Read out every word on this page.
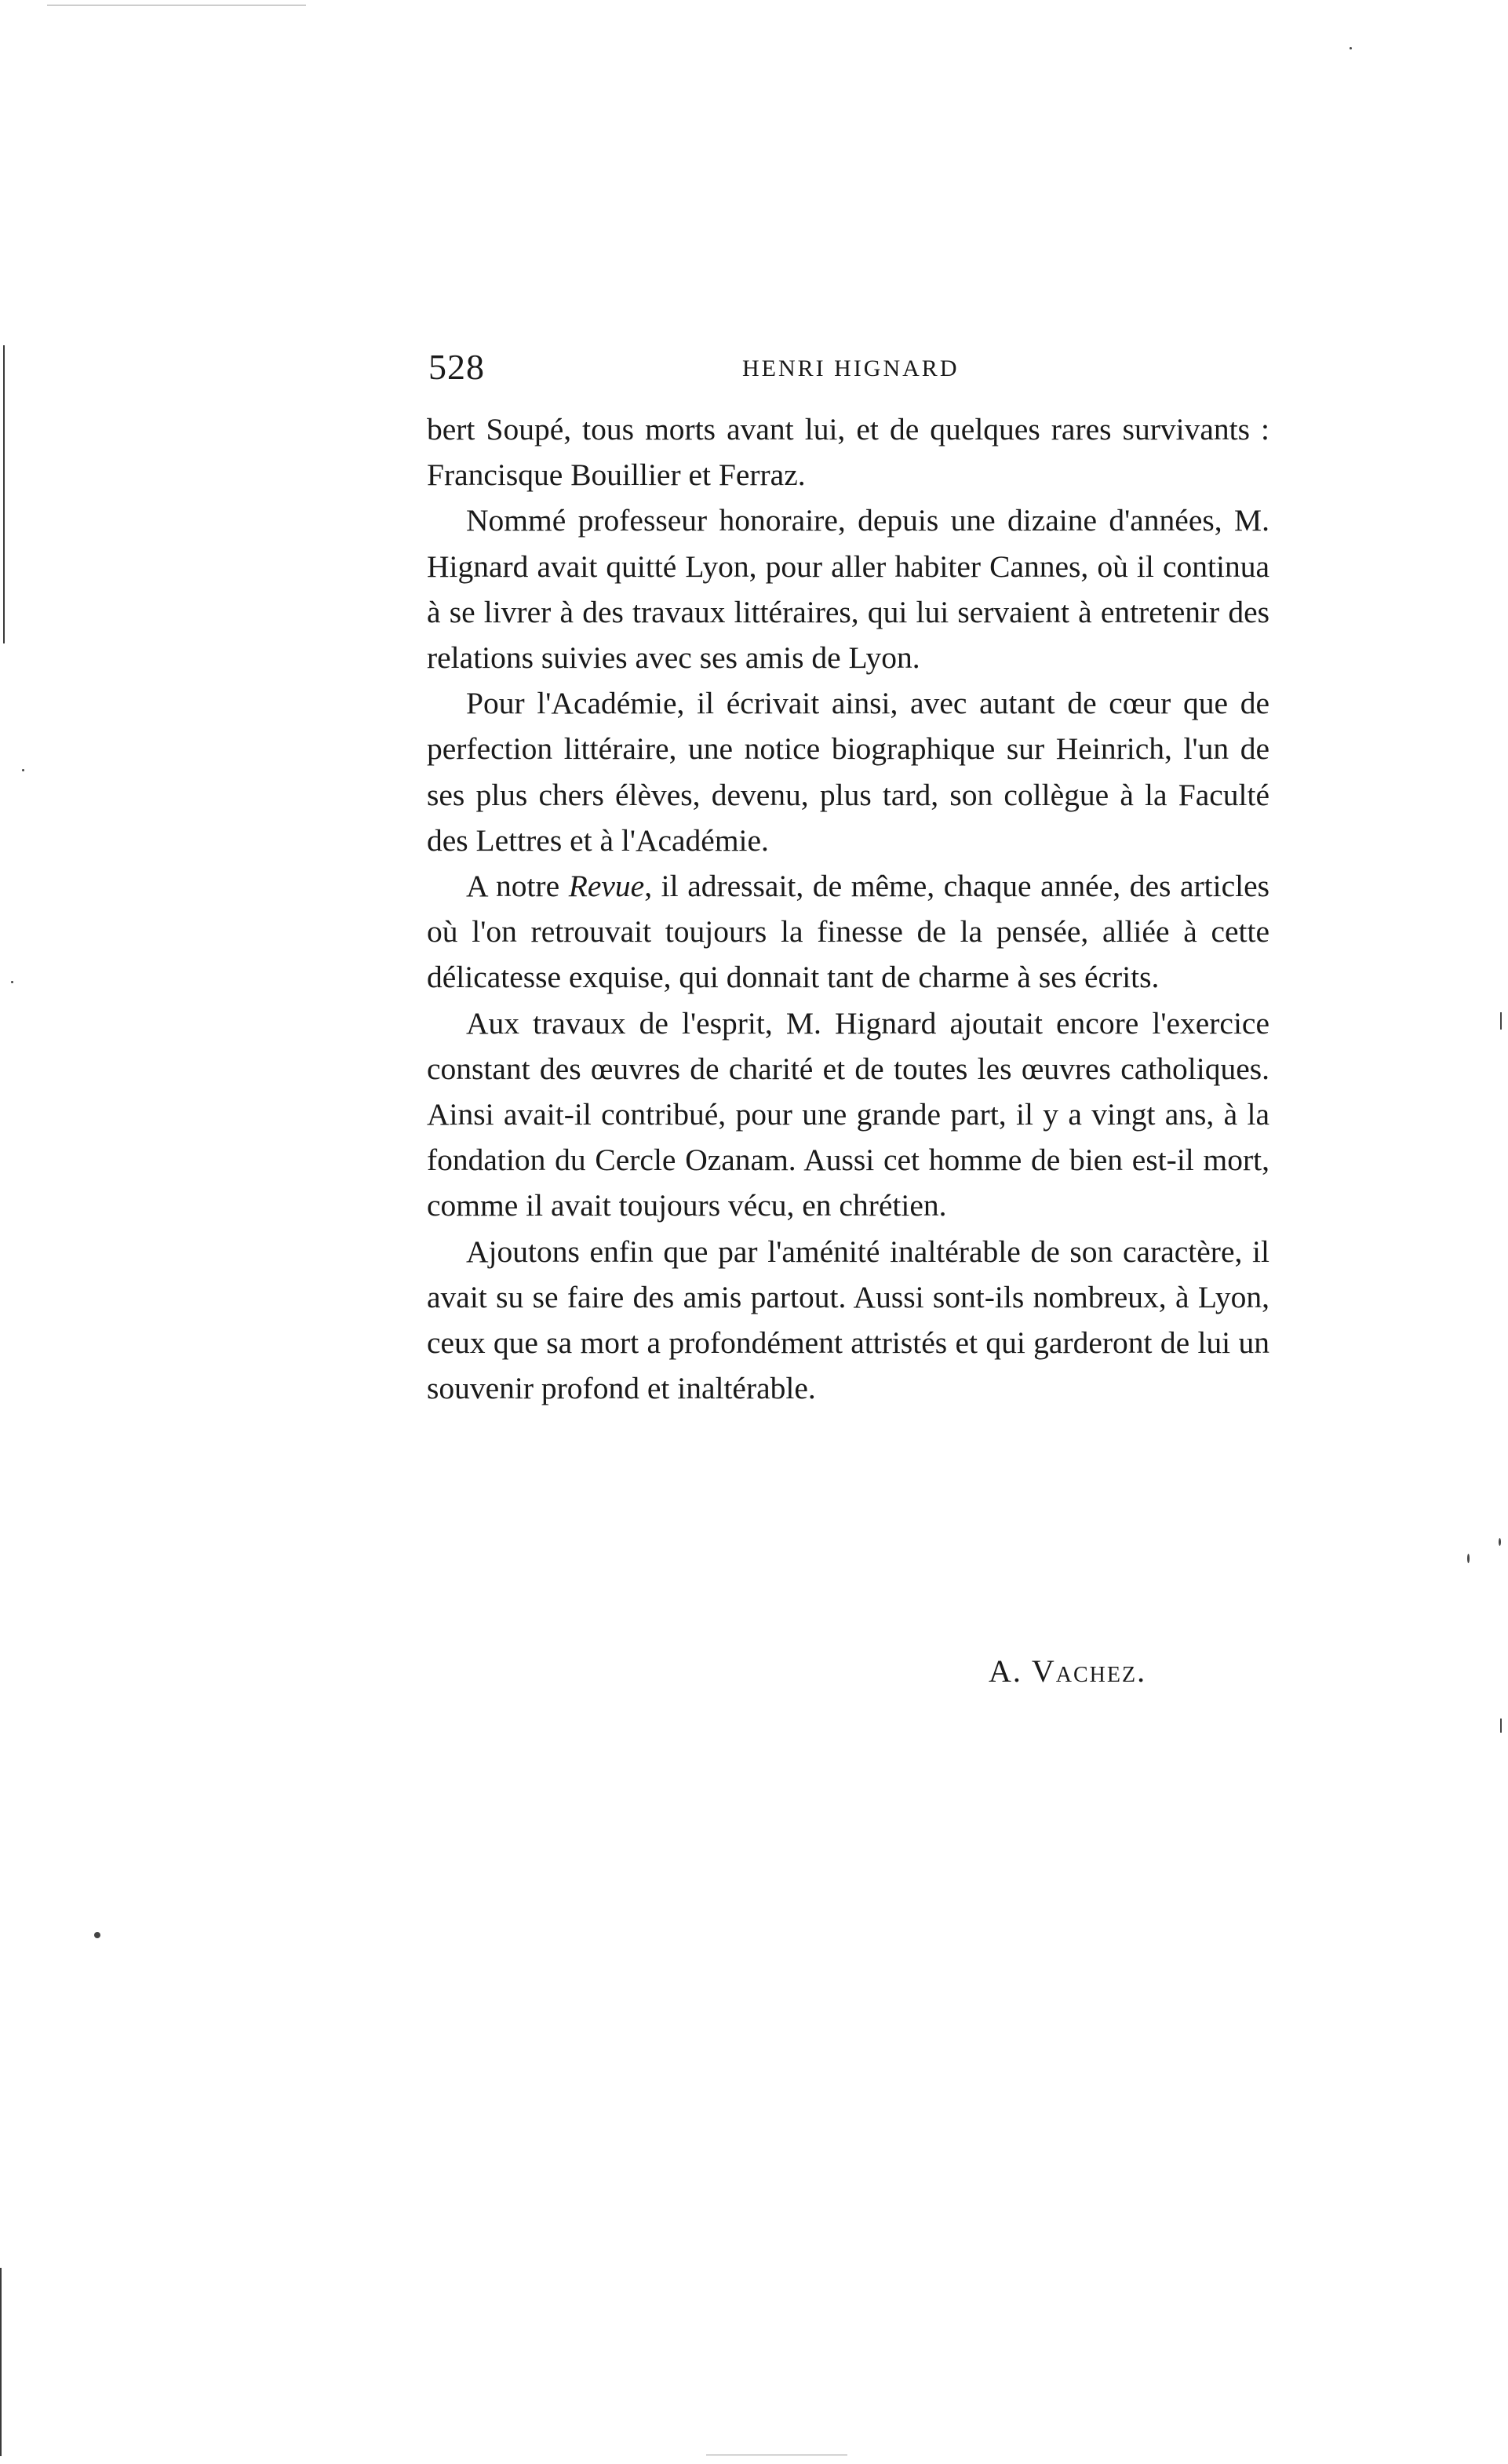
528	HENRI HIGNARD

bert Soupé, tous morts avant lui, et de quelques rares survivants : Francisque Bouillier et Ferraz.

Nommé professeur honoraire, depuis une dizaine d'années, M. Hignard avait quitté Lyon, pour aller habiter Cannes, où il continua à se livrer à des travaux littéraires, qui lui servaient à entretenir des relations suivies avec ses amis de Lyon.

Pour l'Académie, il écrivait ainsi, avec autant de cœur que de perfection littéraire, une notice biographique sur Heinrich, l'un de ses plus chers élèves, devenu, plus tard, son collègue à la Faculté des Lettres et à l'Académie.

A notre Revue, il adressait, de même, chaque année, des articles où l'on retrouvait toujours la finesse de la pensée, alliée à cette délicatesse exquise, qui donnait tant de charme à ses écrits.

Aux travaux de l'esprit, M. Hignard ajoutait encore l'exercice constant des œuvres de charité et de toutes les œuvres catholiques. Ainsi avait-il contribué, pour une grande part, il y a vingt ans, à la fondation du Cercle Ozanam. Aussi cet homme de bien est-il mort, comme il avait toujours vécu, en chrétien.

Ajoutons enfin que par l'aménité inaltérable de son caractère, il avait su se faire des amis partout. Aussi sont-ils nombreux, à Lyon, ceux que sa mort a profondément attristés et qui garderont de lui un souvenir profond et inaltérable.

A. Vachez.
